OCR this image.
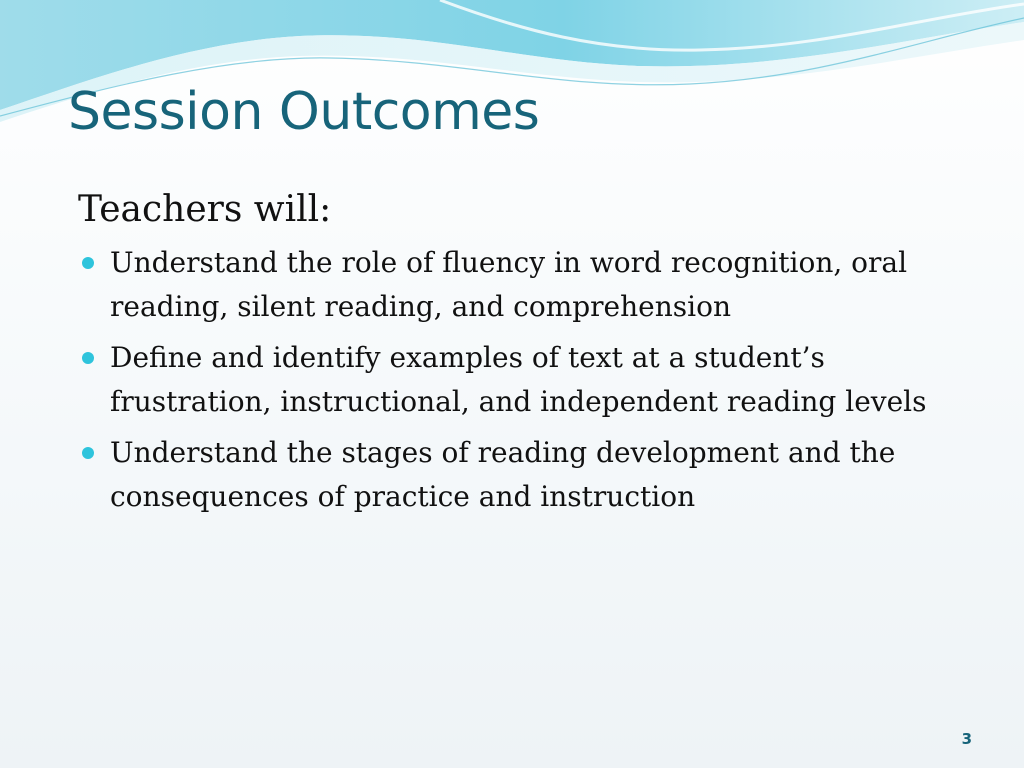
Session Outcomes

Teachers will:

Understand the role of fluency in word recognition, oral reading, silent reading, and comprehension
Define and identify examples of text at a student’s frustration, instructional, and independent reading levels
Understand the stages of reading development and the consequences of practice and instruction
3
